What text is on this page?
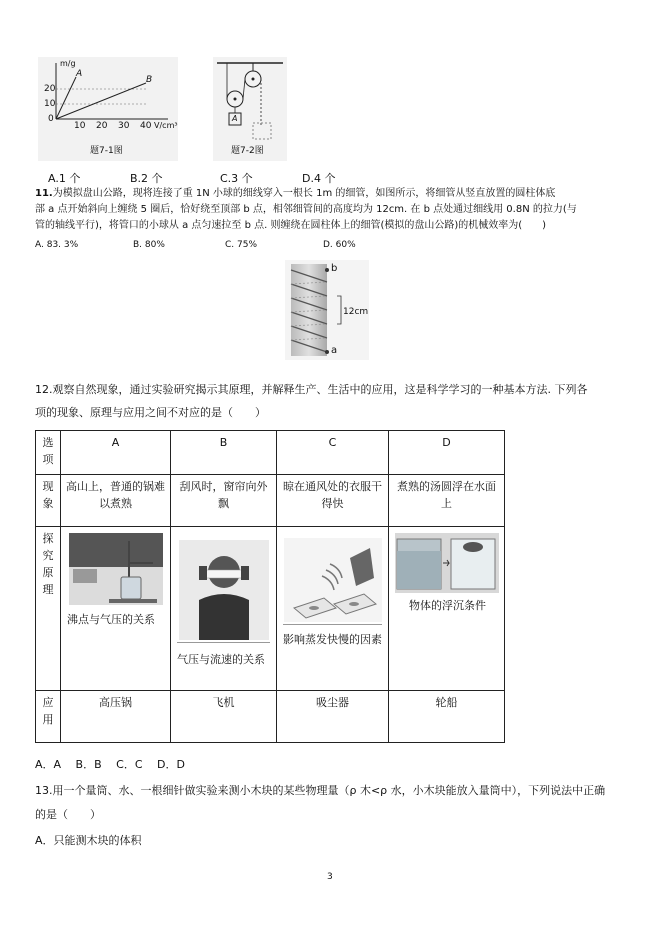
m/g
V/cm³
20
10
0
10 20 30 40
A
B
题7-1图
A
题7-2图
A.1 个	B.2 个	C.3 个	D.4 个
11.为模拟盘山公路，现将连接了重 1N 小球的细线穿入一根长 1m 的细管，如图所示，将细管从竖直放置的圆柱体底
部 a 点开始斜向上缠绕 5 圈后，恰好绕至顶部 b 点，相邻细管间的高度均为 12cm. 在 b 点处通过细线用 0.8N 的拉力(与
管的轴线平行)，将管口的小球从 a 点匀速拉至 b 点. 则缠绕在圆柱体上的细管(模拟的盘山公路)的机械效率为(　　)
A. 83. 3%	B. 80%	C. 75%	D. 60%
b
a
12cm
12.观察自然现象，通过实验研究揭示其原理，并解释生产、生活中的应用，这是科学学习的一种基本方法. 下列各
项的现象、原理与应用之间不对应的是（　　）
选
项	A	B	C	D
现
象	高山上，普通的锅难以煮熟	刮风时，窗帘向外飘	晾在通风处的衣服干得快	煮熟的汤圆浮在水面上
探
究
原
理	沸点与气压的关系	气压与流速的关系	影响蒸发快慢的因素	物体的浮沉条件

应
用	高压锅	飞机	吸尘器	轮船
A．A　 B．B　 C．C　 D．D
13.用一个量筒、水、一根细针做实验来测小木块的某些物理量（ρ 木<ρ 水，小木块能放入量筒中），下列说法中正确
的是（　　）
A．只能测木块的体积
3
